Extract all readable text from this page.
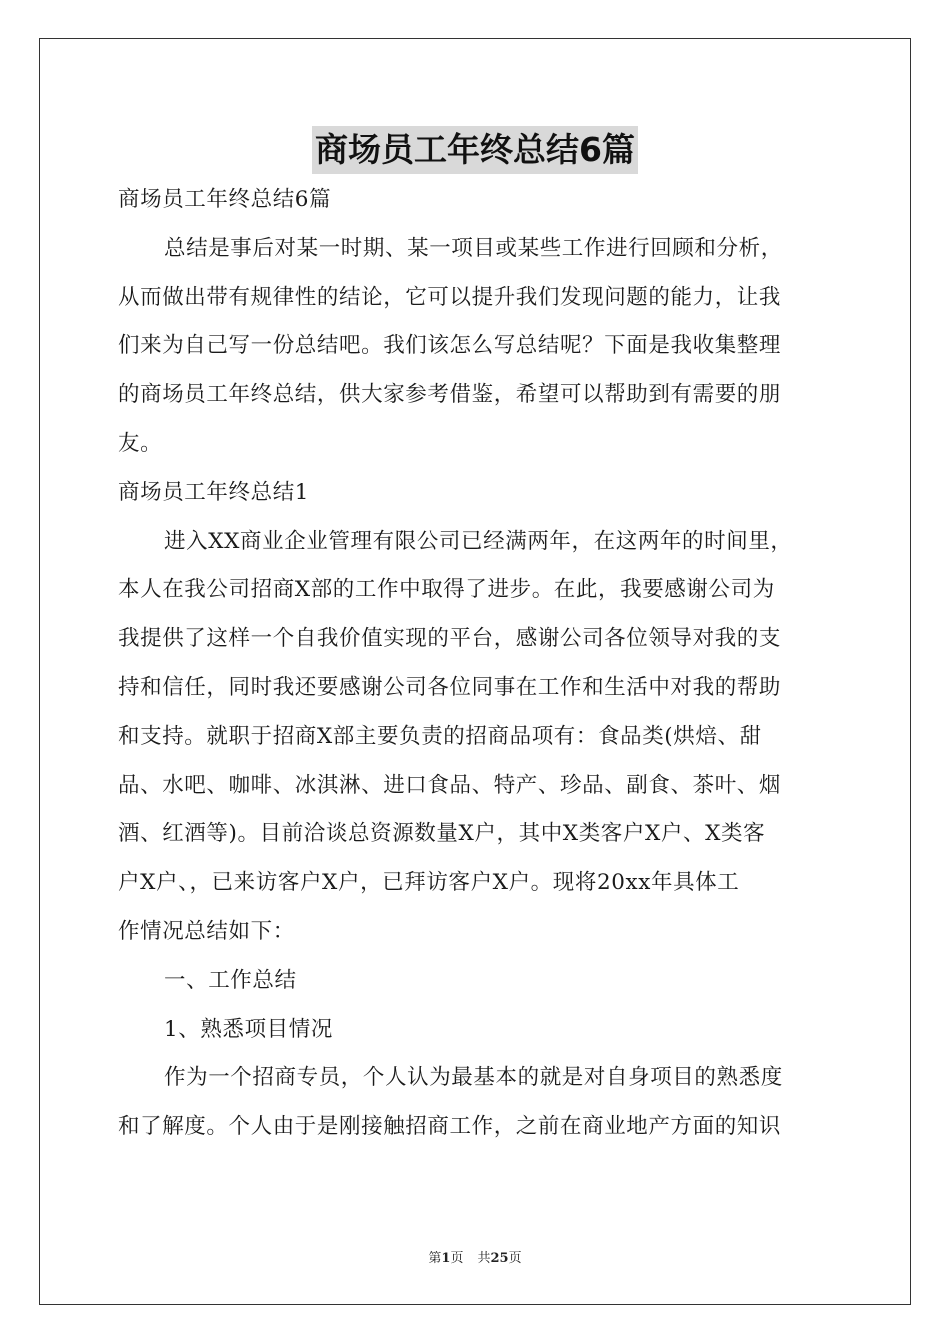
商场员工年终总结6篇
商场员工年终总结6篇
总结是事后对某一时期、某一项目或某些工作进行回顾和分析，
从而做出带有规律性的结论，它可以提升我们发现问题的能力，让我
们来为自己写一份总结吧。我们该怎么写总结呢？下面是我收集整理
的商场员工年终总结，供大家参考借鉴，希望可以帮助到有需要的朋
友。
商场员工年终总结1
进入XX商业企业管理有限公司已经满两年，在这两年的时间里，
本人在我公司招商X部的工作中取得了进步。在此，我要感谢公司为
我提供了这样一个自我价值实现的平台，感谢公司各位领导对我的支
持和信任，同时我还要感谢公司各位同事在工作和生活中对我的帮助
和支持。就职于招商X部主要负责的招商品项有：食品类(烘焙、甜
品、水吧、咖啡、冰淇淋、进口食品、特产、珍品、副食、茶叶、烟
酒、红酒等)。目前洽谈总资源数量X户，其中X类客户X户、X类客
户X户、，已来访客户X户，已拜访客户X户。现将20xx年具体工
作情况总结如下：
一、工作总结
1、熟悉项目情况
作为一个招商专员，个人认为最基本的就是对自身项目的熟悉度
和了解度。个人由于是刚接触招商工作，之前在商业地产方面的知识
第1页 共25页
